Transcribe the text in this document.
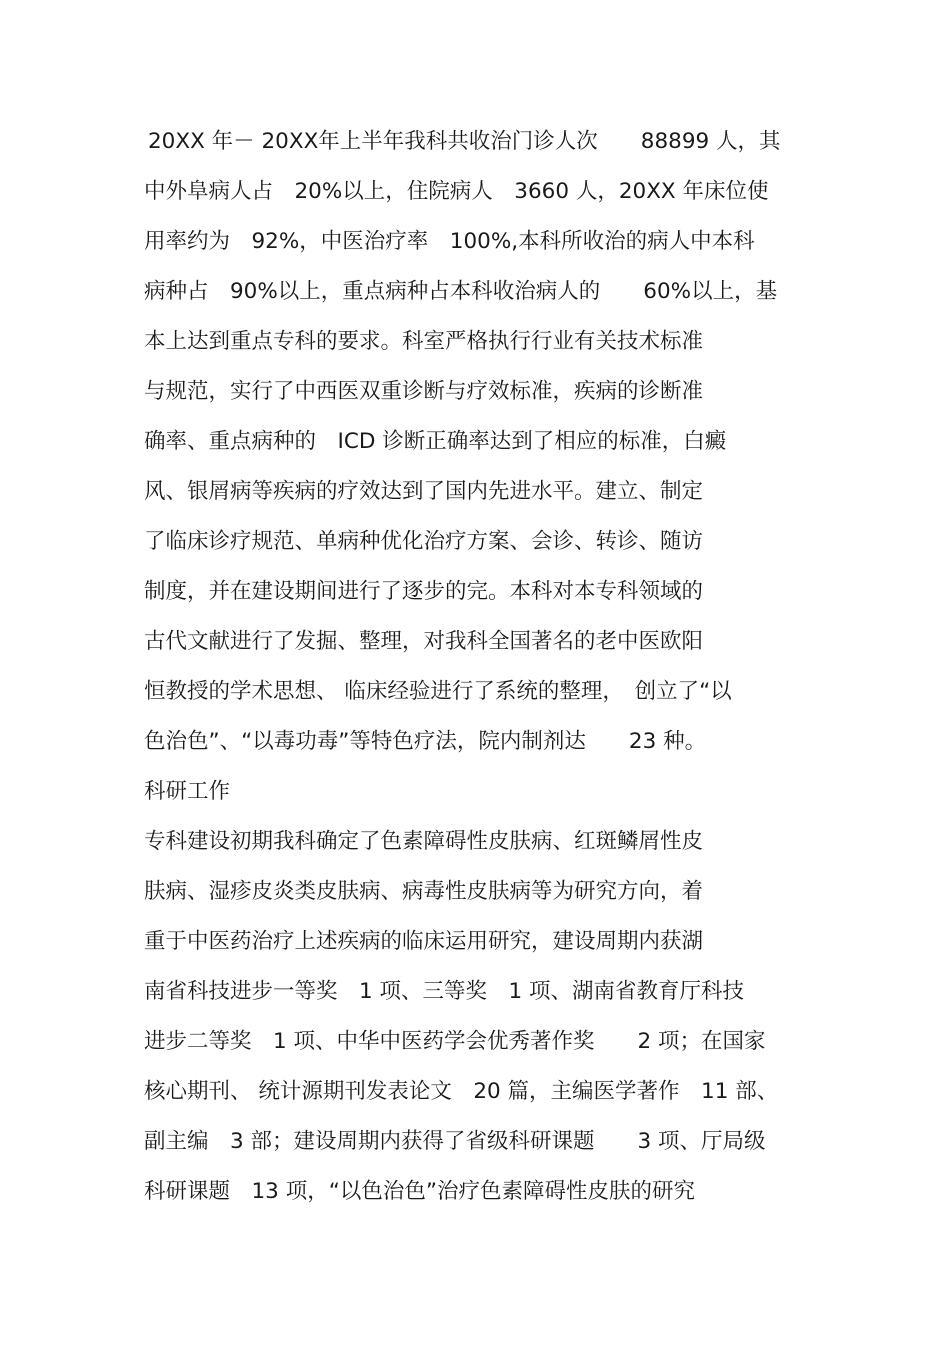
20XX 年－ 20XX年上半年我科共收治门诊人次　　88899 人，其
中外阜病人占　20%以上，住院病人　3660 人，20XX 年床位使
用率约为　92%，中医治疗率　100%,本科所收治的病人中本科
病种占　90%以上，重点病种占本科收治病人的　　60%以上，基
本上达到重点专科的要求。科室严格执行行业有关技术标准
与规范，实行了中西医双重诊断与疗效标准，疾病的诊断准
确率、重点病种的　ICD 诊断正确率达到了相应的标准，白癜
风、银屑病等疾病的疗效达到了国内先进水平。建立、制定
了临床诊疗规范、单病种优化治疗方案、会诊、转诊、随访
制度，并在建设期间进行了逐步的完。本科对本专科领域的
古代文献进行了发掘、整理，对我科全国著名的老中医欧阳
恒教授的学术思想、 临床经验进行了系统的整理，　创立了“以
色治色”、“以毒功毒”等特色疗法，院内制剂达　　23 种。
科研工作
专科建设初期我科确定了色素障碍性皮肤病、红斑鳞屑性皮
肤病、湿疹皮炎类皮肤病、病毒性皮肤病等为研究方向，着
重于中医药治疗上述疾病的临床运用研究，建设周期内获湖
南省科技进步一等奖　1 项、三等奖　1 项、湖南省教育厅科技
进步二等奖　1 项、中华中医药学会优秀著作奖　　2 项；在国家
核心期刊、 统计源期刊发表论文　20 篇，主编医学著作　11 部、
副主编　3 部；建设周期内获得了省级科研课题　　3 项、厅局级
科研课题　13 项，“以色治色”治疗色素障碍性皮肤的研究
